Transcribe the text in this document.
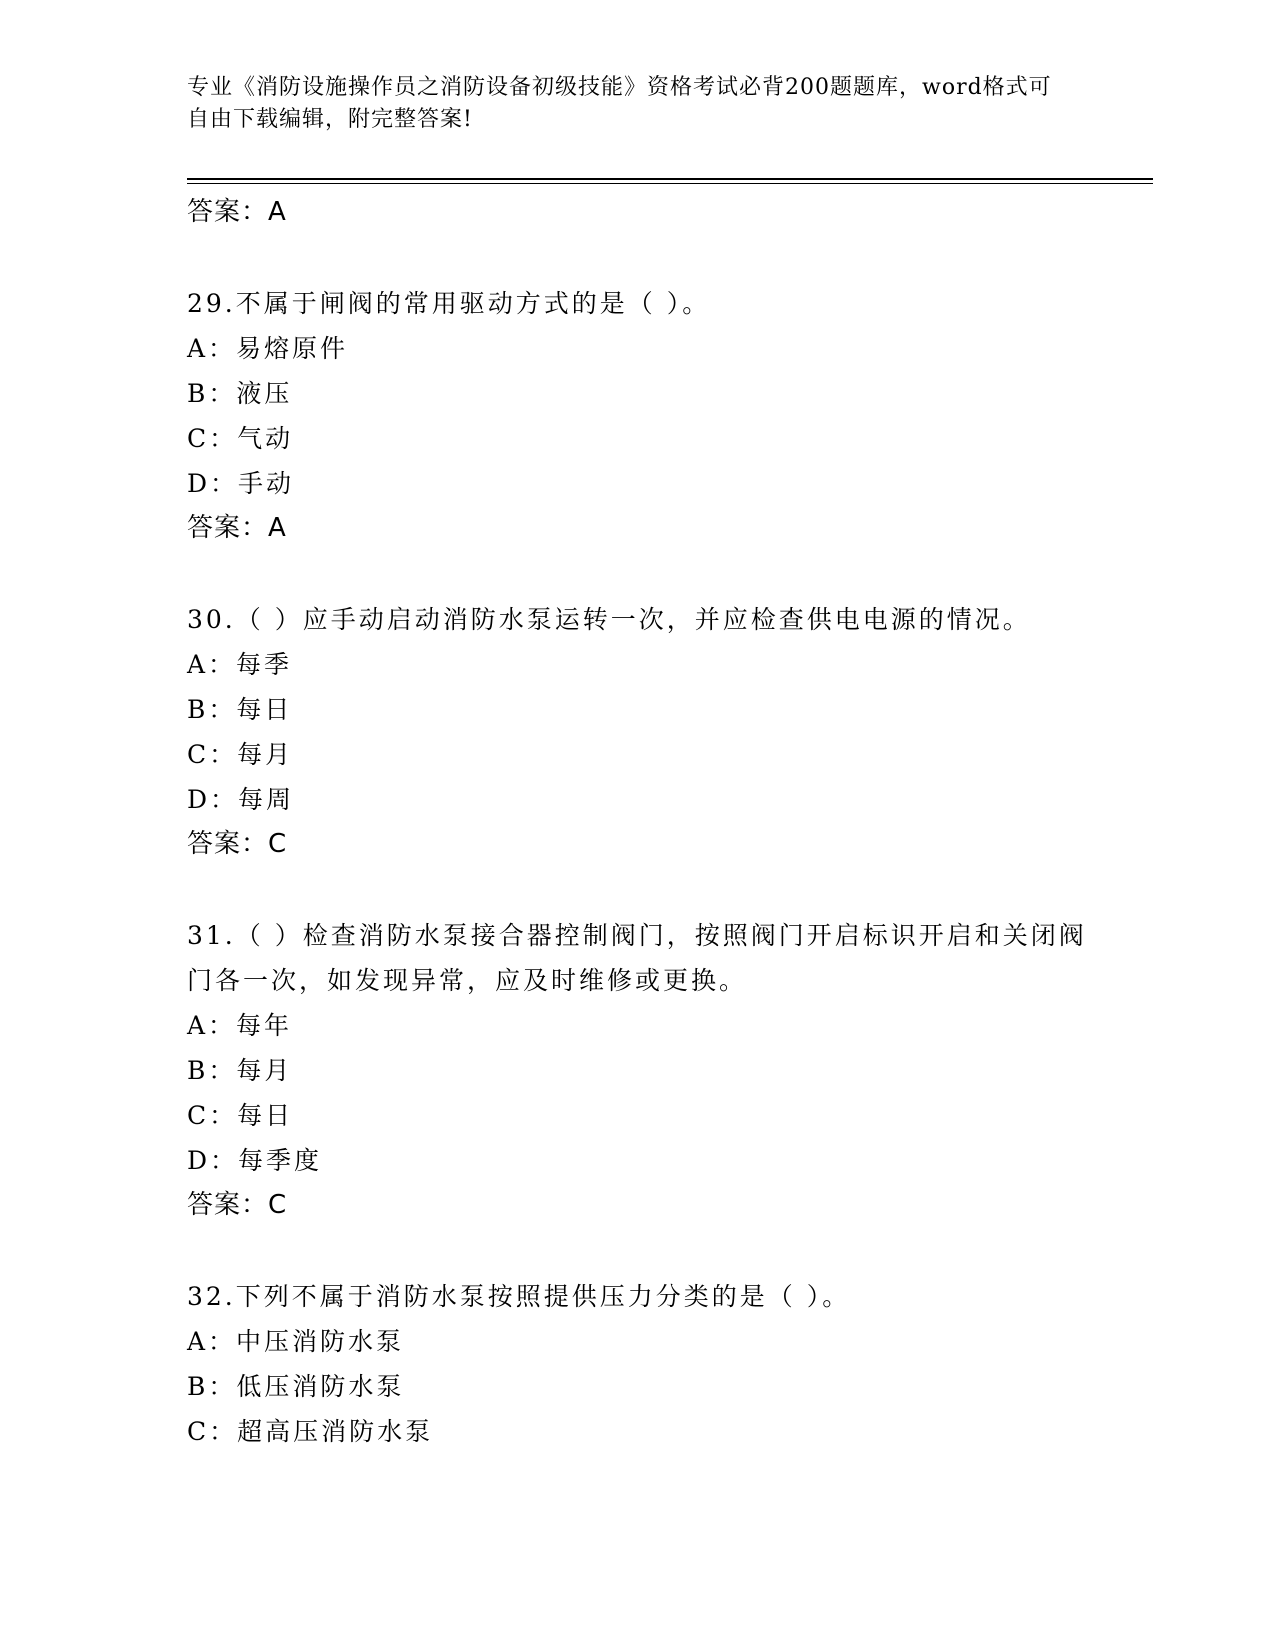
专业《消防设施操作员之消防设备初级技能》资格考试必背200题题库，word格式可自由下载编辑，附完整答案!
答案：A
29.不属于闸阀的常用驱动方式的是（ ）。
A：易熔原件
B：液压
C：气动
D：手动
答案：A
30.（ ）应手动启动消防水泵运转一次，并应检查供电电源的情况。
A：每季
B：每日
C：每月
D：每周
答案：C
31.（ ）检查消防水泵接合器控制阀门，按照阀门开启标识开启和关闭阀门各一次，如发现异常，应及时维修或更换。
A：每年
B：每月
C：每日
D：每季度
答案：C
32.下列不属于消防水泵按照提供压力分类的是（ ）。
A：中压消防水泵
B：低压消防水泵
C：超高压消防水泵
